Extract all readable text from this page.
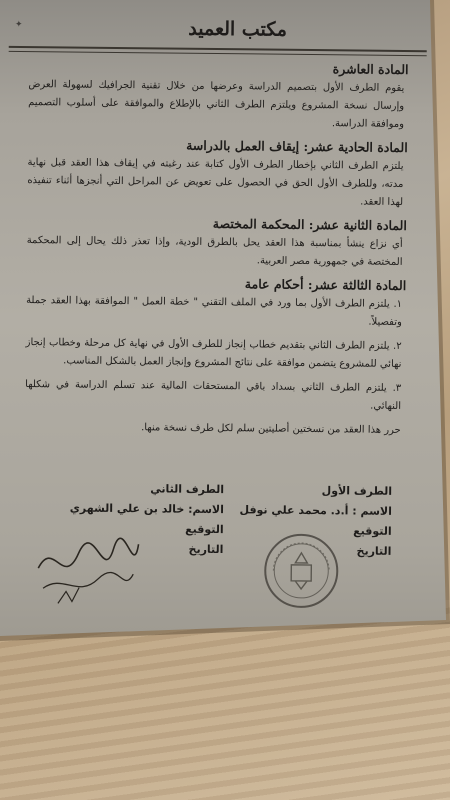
مكتب العميد
✦
المادة العاشرة

يقوم الطرف الأول بتصميم الدراسة وعرضها من خلال تقنية الجرافيك لسهولة العرض وإرسال نسخة المشروع ويلتزم الطرف الثاني بالإطلاع والموافقة على أسلوب التصميم وموافقة الدراسة.

المادة الحادية عشر: إيقاف العمل بالدراسة

يلتزم الطرف الثاني بإخطار الطرف الأول كتابة عند رغبته في إيقاف هذا العقد قبل نهاية مدته، وللطرف الأول الحق في الحصول على تعويض عن المراحل التي أنجزها أثناء تنفيذه لهذا العقد.

المادة الثانية عشر: المحكمة المختصة

أي نزاع ينشأ بمناسبة هذا العقد يحل بالطرق الودية، وإذا تعذر ذلك يحال إلى المحكمة المختصة في جمهورية مصر العربية.

المادة الثالثة عشر: أحكام عامة

١. يلتزم الطرف الأول بما ورد في الملف التقني " خطة العمل " الموافقة بهذا العقد جملة وتفصيلاً.

٢. يلتزم الطرف الثاني بتقديم خطاب إنجاز للطرف الأول في نهاية كل مرحلة وخطاب إنجاز نهائي للمشروع يتضمن موافقة على نتائج المشروع وإنجاز العمل بالشكل المناسب.

٣. يلتزم الطرف الثاني بسداد باقي المستحقات المالية عند تسلم الدراسة في شكلها النهائي.

حرر هذا العقد من نسختين أصليتين سلم لكل طرف نسخة منها.

الطرف الأول
الاسم : أ.د. محمد علي نوفل
التوقيع
التاريخ
الطرف الثاني
الاسم: خالد بن علي الشهري
التوقيع
التاريخ
